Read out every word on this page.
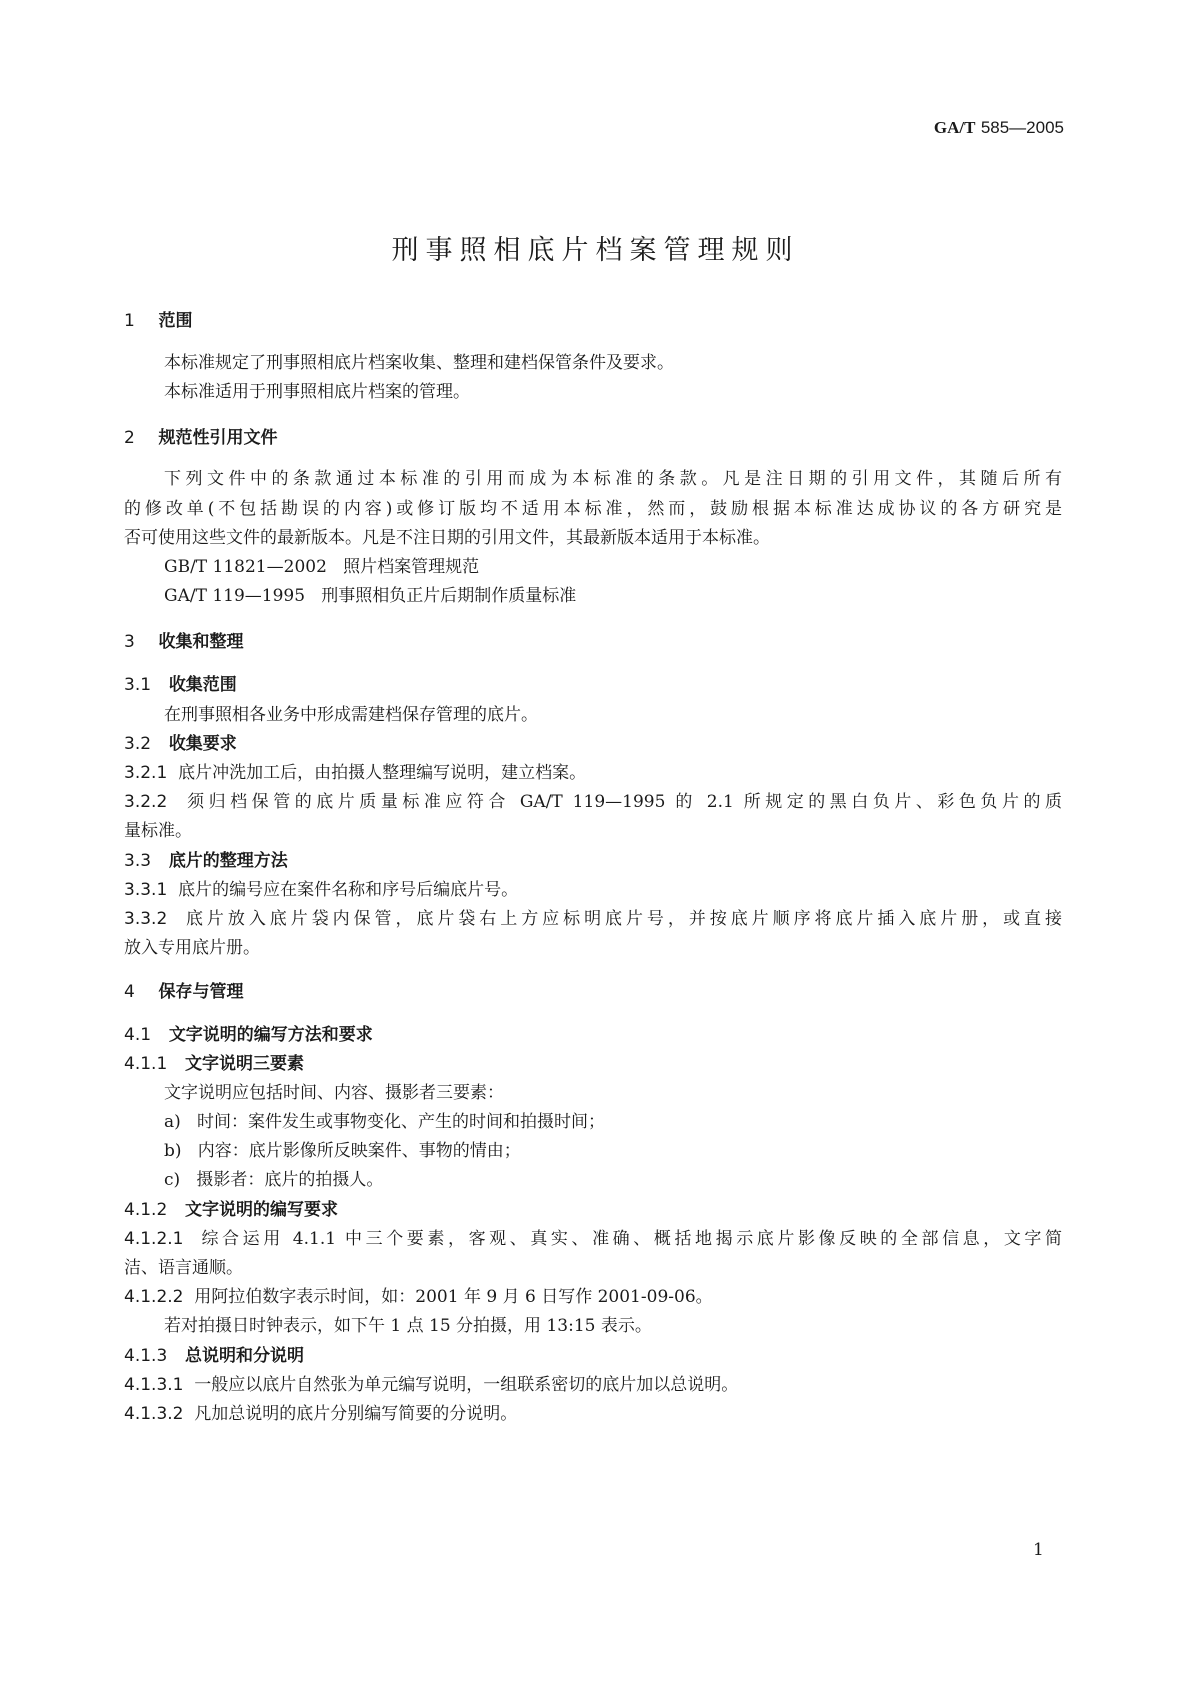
GA/T 585—2005
刑事照相底片档案管理规则
1 范围
本标准规定了刑事照相底片档案收集、整理和建档保管条件及要求。
本标准适用于刑事照相底片档案的管理。
2 规范性引用文件
下列文件中的条款通过本标准的引用而成为本标准的条款。凡是注日期的引用文件，其随后所有
的修改单(不包括勘误的内容)或修订版均不适用本标准，然而，鼓励根据本标准达成协议的各方研究是
否可使用这些文件的最新版本。凡是不注日期的引用文件，其最新版本适用于本标准。
GB/T 11821—2002 照片档案管理规范
GA/T 119—1995 刑事照相负正片后期制作质量标准
3 收集和整理
3.1 收集范围
在刑事照相各业务中形成需建档保存管理的底片。
3.2 收集要求
3.2.1 底片冲洗加工后，由拍摄人整理编写说明，建立档案。
3.2.2 须归档保管的底片质量标准应符合 GA/T 119—1995 的 2.1 所规定的黑白负片、彩色负片的质
量标准。
3.3 底片的整理方法
3.3.1 底片的编号应在案件名称和序号后编底片号。
3.3.2 底片放入底片袋内保管，底片袋右上方应标明底片号，并按底片顺序将底片插入底片册，或直接
放入专用底片册。
4 保存与管理
4.1 文字说明的编写方法和要求
4.1.1 文字说明三要素
文字说明应包括时间、内容、摄影者三要素：
a) 时间：案件发生或事物变化、产生的时间和拍摄时间；
b) 内容：底片影像所反映案件、事物的情由；
c) 摄影者：底片的拍摄人。
4.1.2 文字说明的编写要求
4.1.2.1 综合运用 4.1.1 中三个要素，客观、真实、准确、概括地揭示底片影像反映的全部信息，文字简
洁、语言通顺。
4.1.2.2 用阿拉伯数字表示时间，如：2001 年 9 月 6 日写作 2001-09-06。
若对拍摄日时钟表示，如下午 1 点 15 分拍摄，用 13:15 表示。
4.1.3 总说明和分说明
4.1.3.1 一般应以底片自然张为单元编写说明，一组联系密切的底片加以总说明。
4.1.3.2 凡加总说明的底片分别编写简要的分说明。
1
